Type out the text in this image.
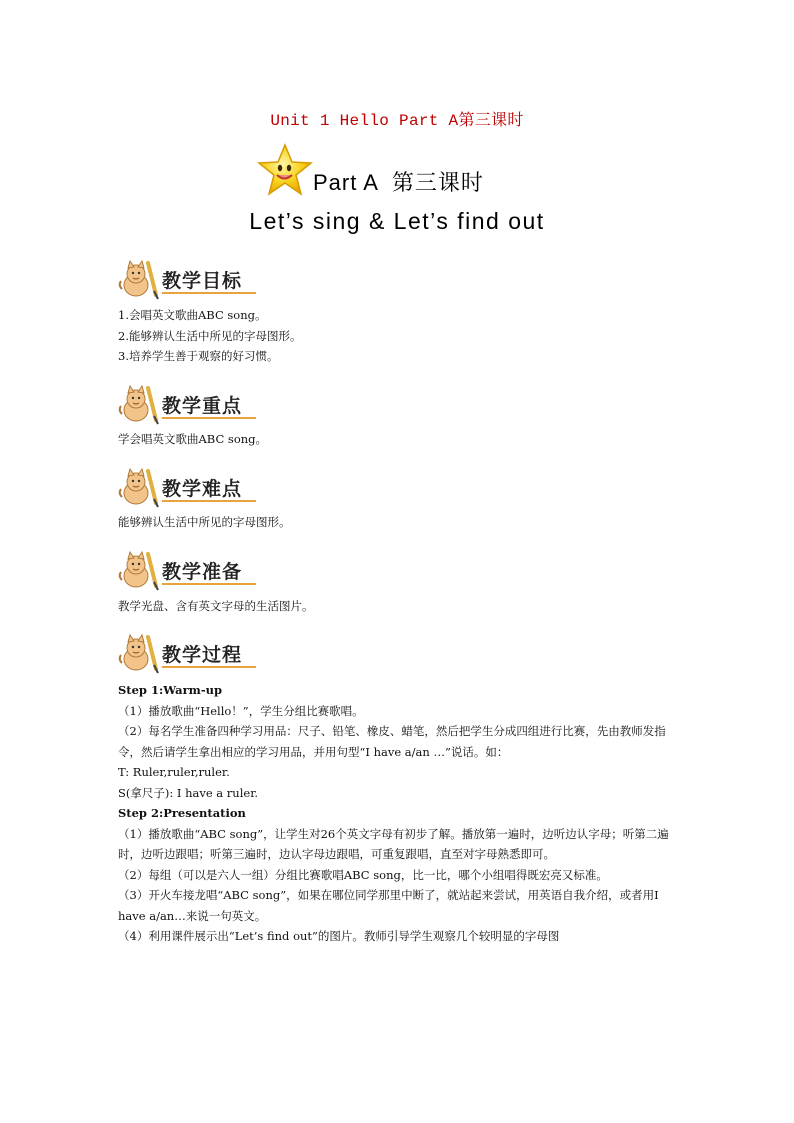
Unit 1 Hello Part A第三课时
Part A  第三课时
Let’s sing & Let’s find out
教学目标

1.会唱英文歌曲ABC song。

2.能够辨认生活中所见的字母图形。

3.培养学生善于观察的好习惯。

教学重点
学会唱英文歌曲ABC song。
教学难点
能够辨认生活中所见的字母图形。
教学准备
教学光盘、含有英文字母的生活图片。
教学过程

Step 1:Warm-up

（1）播放歌曲“Hello！”，学生分组比赛歌唱。

（2）每名学生准备四种学习用品：尺子、铅笔、橡皮、蜡笔，然后把学生分成四组进行比赛，先由教师发指令，然后请学生拿出相应的学习用品，并用句型“I have a/an …”说话。如：

T: Ruler,ruler,ruler.

S(拿尺子): I have a ruler.

Step 2:Presentation

（1）播放歌曲“ABC song”，让学生对26个英文字母有初步了解。播放第一遍时，边听边认字母；听第二遍时，边听边跟唱；听第三遍时，边认字母边跟唱，可重复跟唱，直至对字母熟悉即可。

（2）每组（可以是六人一组）分组比赛歌唱ABC song，比一比，哪个小组唱得既宏亮又标准。

（3）开火车接龙唱“ABC song”，如果在哪位同学那里中断了，就站起来尝试，用英语自我介绍，或者用I have a/an…来说一句英文。

（4）利用课件展示出“Let’s find out”的图片。教师引导学生观察几个较明显的字母图
